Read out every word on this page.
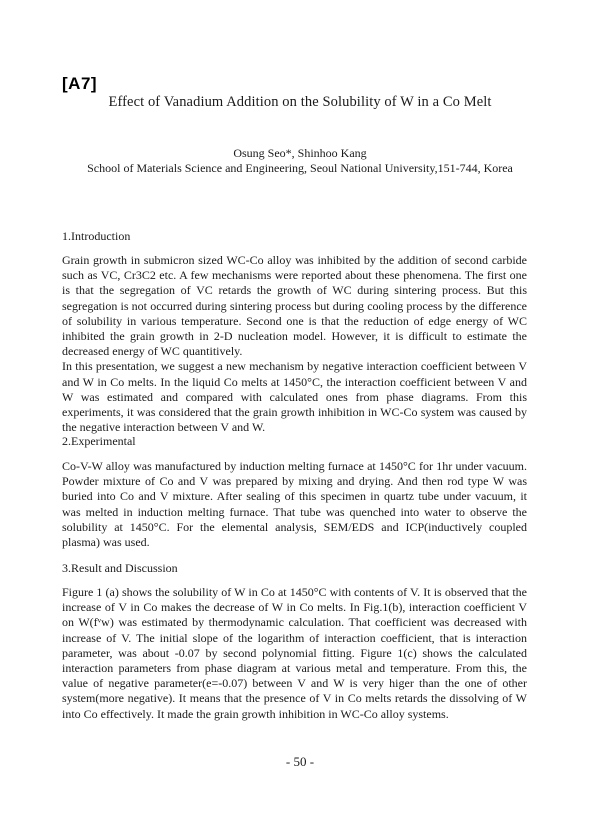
[A7]
Effect of Vanadium Addition on the Solubility of W in a Co Melt
Osung Seo*, Shinhoo Kang
School of Materials Science and Engineering, Seoul National University,151-744, Korea
1.Introduction

Grain growth in submicron sized WC-Co alloy was inhibited by the addition of second carbide such as VC, Cr3C2 etc. A few mechanisms were reported about these phenomena. The first one is that the segregation of VC retards the growth of WC during sintering process. But this segregation is not occurred during sintering process but during cooling process by the difference of solubility in various temperature. Second one is that the reduction of edge energy of WC inhibited the grain growth in 2-D nucleation model. However, it is difficult to estimate the decreased energy of WC quantitively.

In this presentation, we suggest a new mechanism by negative interaction coefficient between V and W in Co melts. In the liquid Co melts at 1450°C, the interaction coefficient between V and W was estimated and compared with calculated ones from phase diagrams. From this experiments, it was considered that the grain growth inhibition in WC-Co system was caused by the negative interaction between V and W.

2.Experimental

Co-V-W alloy was manufactured by induction melting furnace at 1450°C for 1hr under vacuum. Powder mixture of Co and V was prepared by mixing and drying. And then rod type W was buried into Co and V mixture. After sealing of this specimen in quartz tube under vacuum, it was melted in induction melting furnace. That tube was quenched into water to observe the solubility at 1450°C. For the elemental analysis, SEM/EDS and ICP(inductively coupled plasma) was used.

3.Result and Discussion

Figure 1 (a) shows the solubility of W in Co at 1450°C with contents of V. It is observed that the increase of V in Co makes the decrease of W in Co melts. In Fig.1(b), interaction coefficient V on W(fᵛw) was estimated by thermodynamic calculation. That coefficient was decreased with increase of V. The initial slope of the logarithm of interaction coefficient, that is interaction parameter, was about -0.07 by second polynomial fitting. Figure 1(c) shows the calculated interaction parameters from phase diagram at various metal and temperature. From this, the value of negative parameter(e=-0.07) between V and W is very higer than the one of other system(more negative). It means that the presence of V in Co melts retards the dissolving of W into Co effectively. It made the grain growth inhibition in WC-Co alloy systems.

- 50 -
